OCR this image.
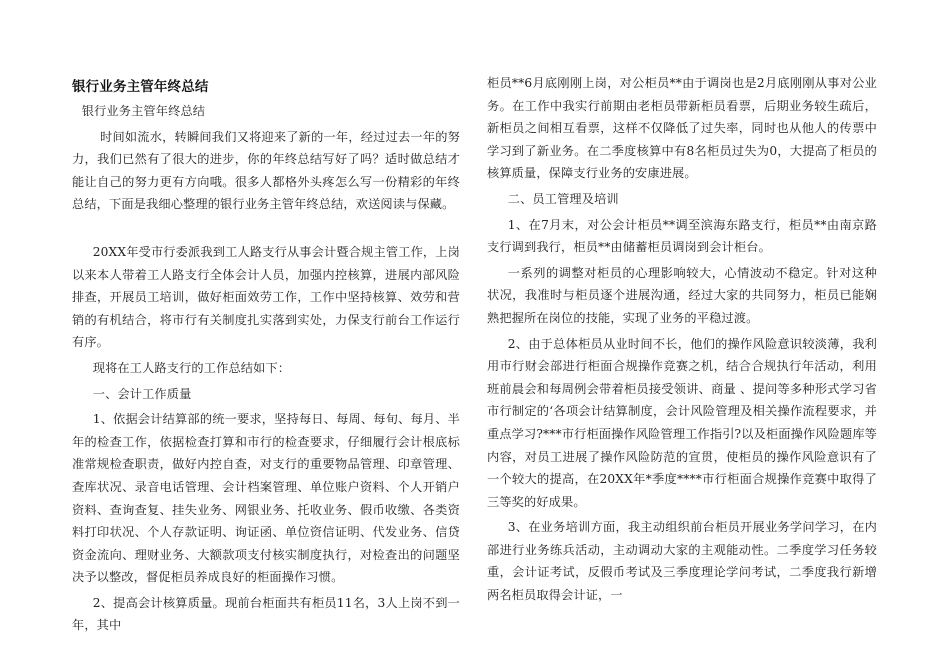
银行业务主管年终总结

银行业务主管年终总结

时间如流水，转瞬间我们又将迎来了新的一年，经过过去一年的努力，我们已然有了很大的进步，你的年终总结写好了吗？适时做总结才能让自己的努力更有方向哦。很多人都格外头疼怎么写一份精彩的年终总结，下面是我细心整理的银行业务主管年终总结，欢送阅读与保藏。

20XX年受市行委派我到工人路支行从事会计暨合规主管工作，上岗以来本人带着工人路支行全体会计人员，加强内控核算，进展内部风险排查，开展员工培训，做好柜面效劳工作，工作中坚持核算、效劳和营销的有机结合，将市行有关制度扎实落到实处，力保支行前台工作运行有序。

现将在工人路支行的工作总结如下：

一、会计工作质量

1、依据会计结算部的统一要求，坚持每日、每周、每旬、每月、半年的检查工作，依据检查打算和市行的检查要求，仔细履行会计根底标准常规检查职责，做好内控自查，对支行的重要物品管理、印章管理、查库状况、录音电话管理、会计档案管理、单位账户资料、个人开销户资料、查询查复、挂失业务、网银业务、托收业务、假币收缴、各类资料打印状况、个人存款证明、询证函、单位资信证明、代发业务、信贷资金流向、理财业务、大额款项支付核实制度执行，对检查出的问题坚决予以整改，督促柜员养成良好的柜面操作习惯。

2、提高会计核算质量。现前台柜面共有柜员11名，3人上岗不到一年，其中

柜员**6月底刚刚上岗，对公柜员**由于调岗也是2月底刚刚从事对公业务。在工作中我实行前期由老柜员带新柜员看票，后期业务较生疏后，新柜员之间相互看票，这样不仅降低了过失率，同时也从他人的传票中学习到了新业务。在二季度核算中有8名柜员过失为0，大提高了柜员的核算质量，保障支行业务的安康进展。

二、员工管理及培训

1、在7月末，对公会计柜员**调至滨海东路支行，柜员**由南京路支行调到我行，柜员**由储蓄柜员调岗到会计柜台。

一系列的调整对柜员的心理影响较大，心情波动不稳定。针对这种状况，我准时与柜员逐个进展沟通，经过大家的共同努力，柜员已能娴熟把握所在岗位的技能，实现了业务的平稳过渡。

2、由于总体柜员从业时间不长，他们的操作风险意识较淡薄，我利用市行财会部进行柜面合规操作竞赛之机，结合合规执行年活动，利用班前晨会和每周例会带着柜员接受领讲、商量 、提问等多种形式学习省市行制定的‘各项会计结算制度，会计风险管理及相关操作流程要求，并重点学习?***市行柜面操作风险管理工作指引?以及柜面操作风险题库等内容，对员工进展了操作风险防范的宣贯，使柜员的操作风险意识有了一个较大的提高，在20XX年*季度****市行柜面合规操作竞赛中取得了三等奖的好成果。

3、在业务培训方面，我主动组织前台柜员开展业务学问学习，在内部进行业务练兵活动，主动调动大家的主观能动性。二季度学习任务较重，会计证考试，反假币考试及三季度理论学问考试，二季度我行新增两名柜员取得会计证，一
